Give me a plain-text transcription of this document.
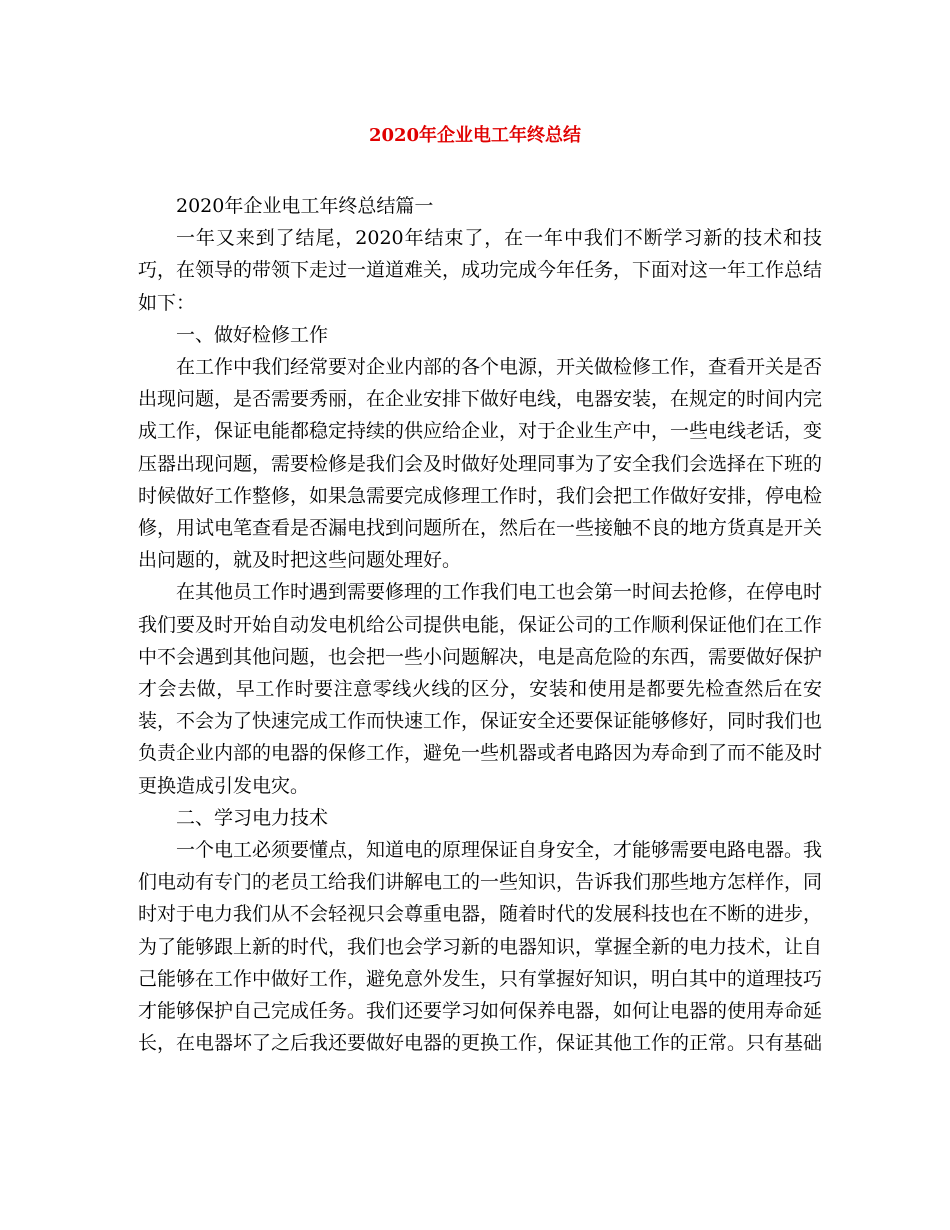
2020年企业电工年终总结

2020年企业电工年终总结篇一

一年又来到了结尾，2020年结束了，在一年中我们不断学习新的技术和技巧，在领导的带领下走过一道道难关，成功完成今年任务，下面对这一年工作总结如下：

一、做好检修工作

在工作中我们经常要对企业内部的各个电源，开关做检修工作，查看开关是否出现问题，是否需要秀丽，在企业安排下做好电线，电器安装，在规定的时间内完成工作，保证电能都稳定持续的供应给企业，对于企业生产中，一些电线老话，变压器出现问题，需要检修是我们会及时做好处理同事为了安全我们会选择在下班的时候做好工作整修，如果急需要完成修理工作时，我们会把工作做好安排，停电检修，用试电笔查看是否漏电找到问题所在，然后在一些接触不良的地方货真是开关出问题的，就及时把这些问题处理好。

在其他员工作时遇到需要修理的工作我们电工也会第一时间去抢修，在停电时我们要及时开始自动发电机给公司提供电能，保证公司的工作顺利保证他们在工作中不会遇到其他问题，也会把一些小问题解决，电是高危险的东西，需要做好保护才会去做，早工作时要注意零线火线的区分，安装和使用是都要先检查然后在安装，不会为了快速完成工作而快速工作，保证安全还要保证能够修好，同时我们也负责企业内部的电器的保修工作，避免一些机器或者电路因为寿命到了而不能及时更换造成引发电灾。

二、学习电力技术

一个电工必须要懂点，知道电的原理保证自身安全，才能够需要电路电器。我们电动有专门的老员工给我们讲解电工的一些知识，告诉我们那些地方怎样作，同时对于电力我们从不会轻视只会尊重电器，随着时代的发展科技也在不断的进步，为了能够跟上新的时代，我们也会学习新的电器知识，掌握全新的电力技术，让自己能够在工作中做好工作，避免意外发生，只有掌握好知识，明白其中的道理技巧才能够保护自己完成任务。我们还要学习如何保养电器，如何让电器的使用寿命延长，在电器坏了之后我还要做好电器的更换工作，保证其他工作的正常。只有基础
